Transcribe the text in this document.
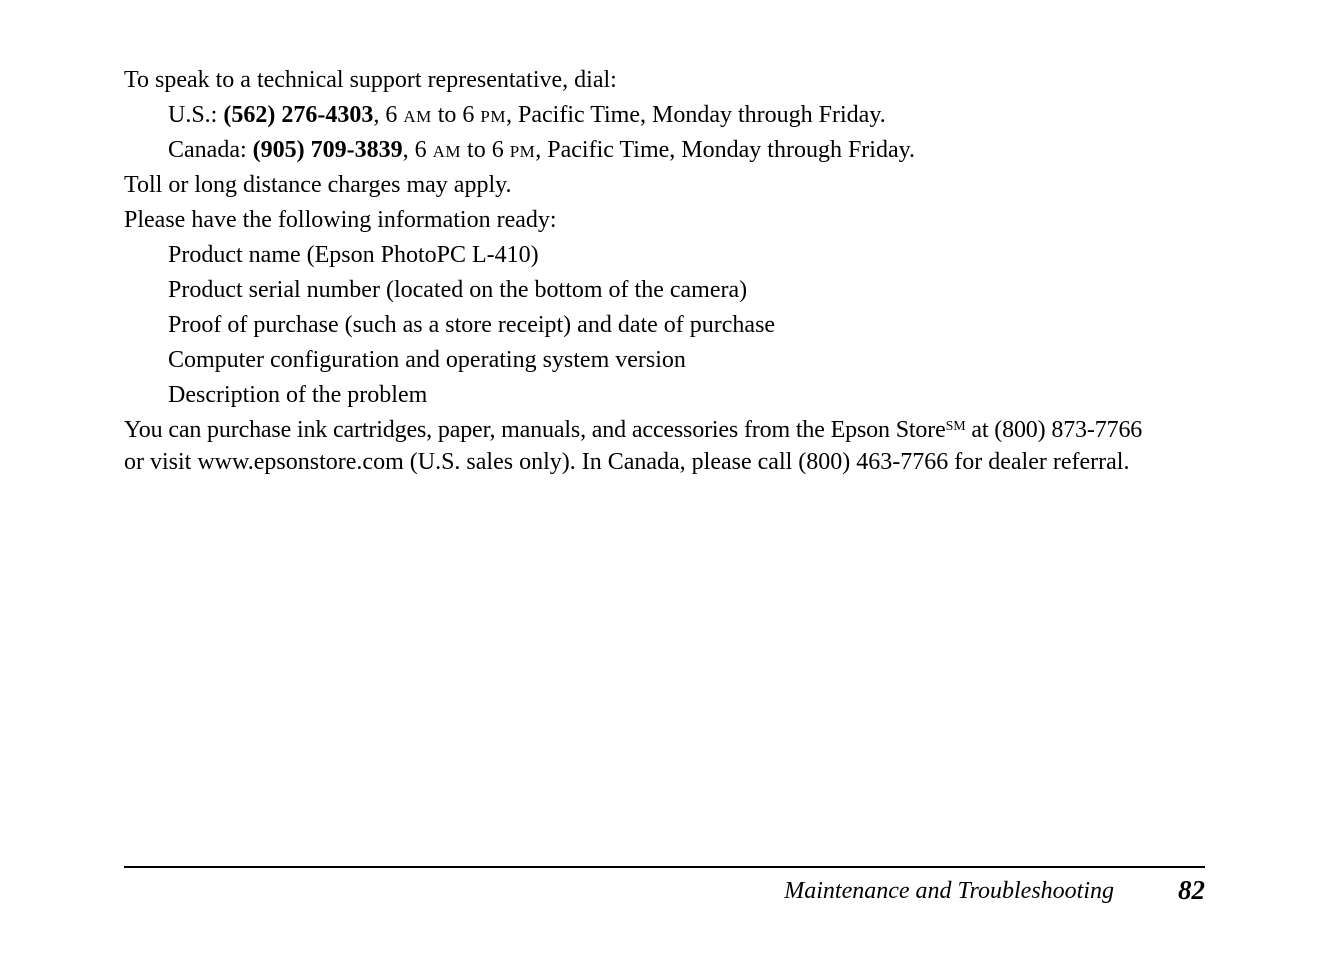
To speak to a technical support representative, dial:
U.S.: (562) 276-4303, 6 AM to 6 PM, Pacific Time, Monday through Friday.
Canada: (905) 709-3839, 6 AM to 6 PM, Pacific Time, Monday through Friday.
Toll or long distance charges may apply.
Please have the following information ready:
Product name (Epson PhotoPC L-410)
Product serial number (located on the bottom of the camera)
Proof of purchase (such as a store receipt) and date of purchase
Computer configuration and operating system version
Description of the problem
You can purchase ink cartridges, paper, manuals, and accessories from the Epson Store℠ at (800) 873-7766
or visit www.epsonstore.com (U.S. sales only). In Canada, please call (800) 463-7766 for dealer referral.
Maintenance and Troubleshooting 82
